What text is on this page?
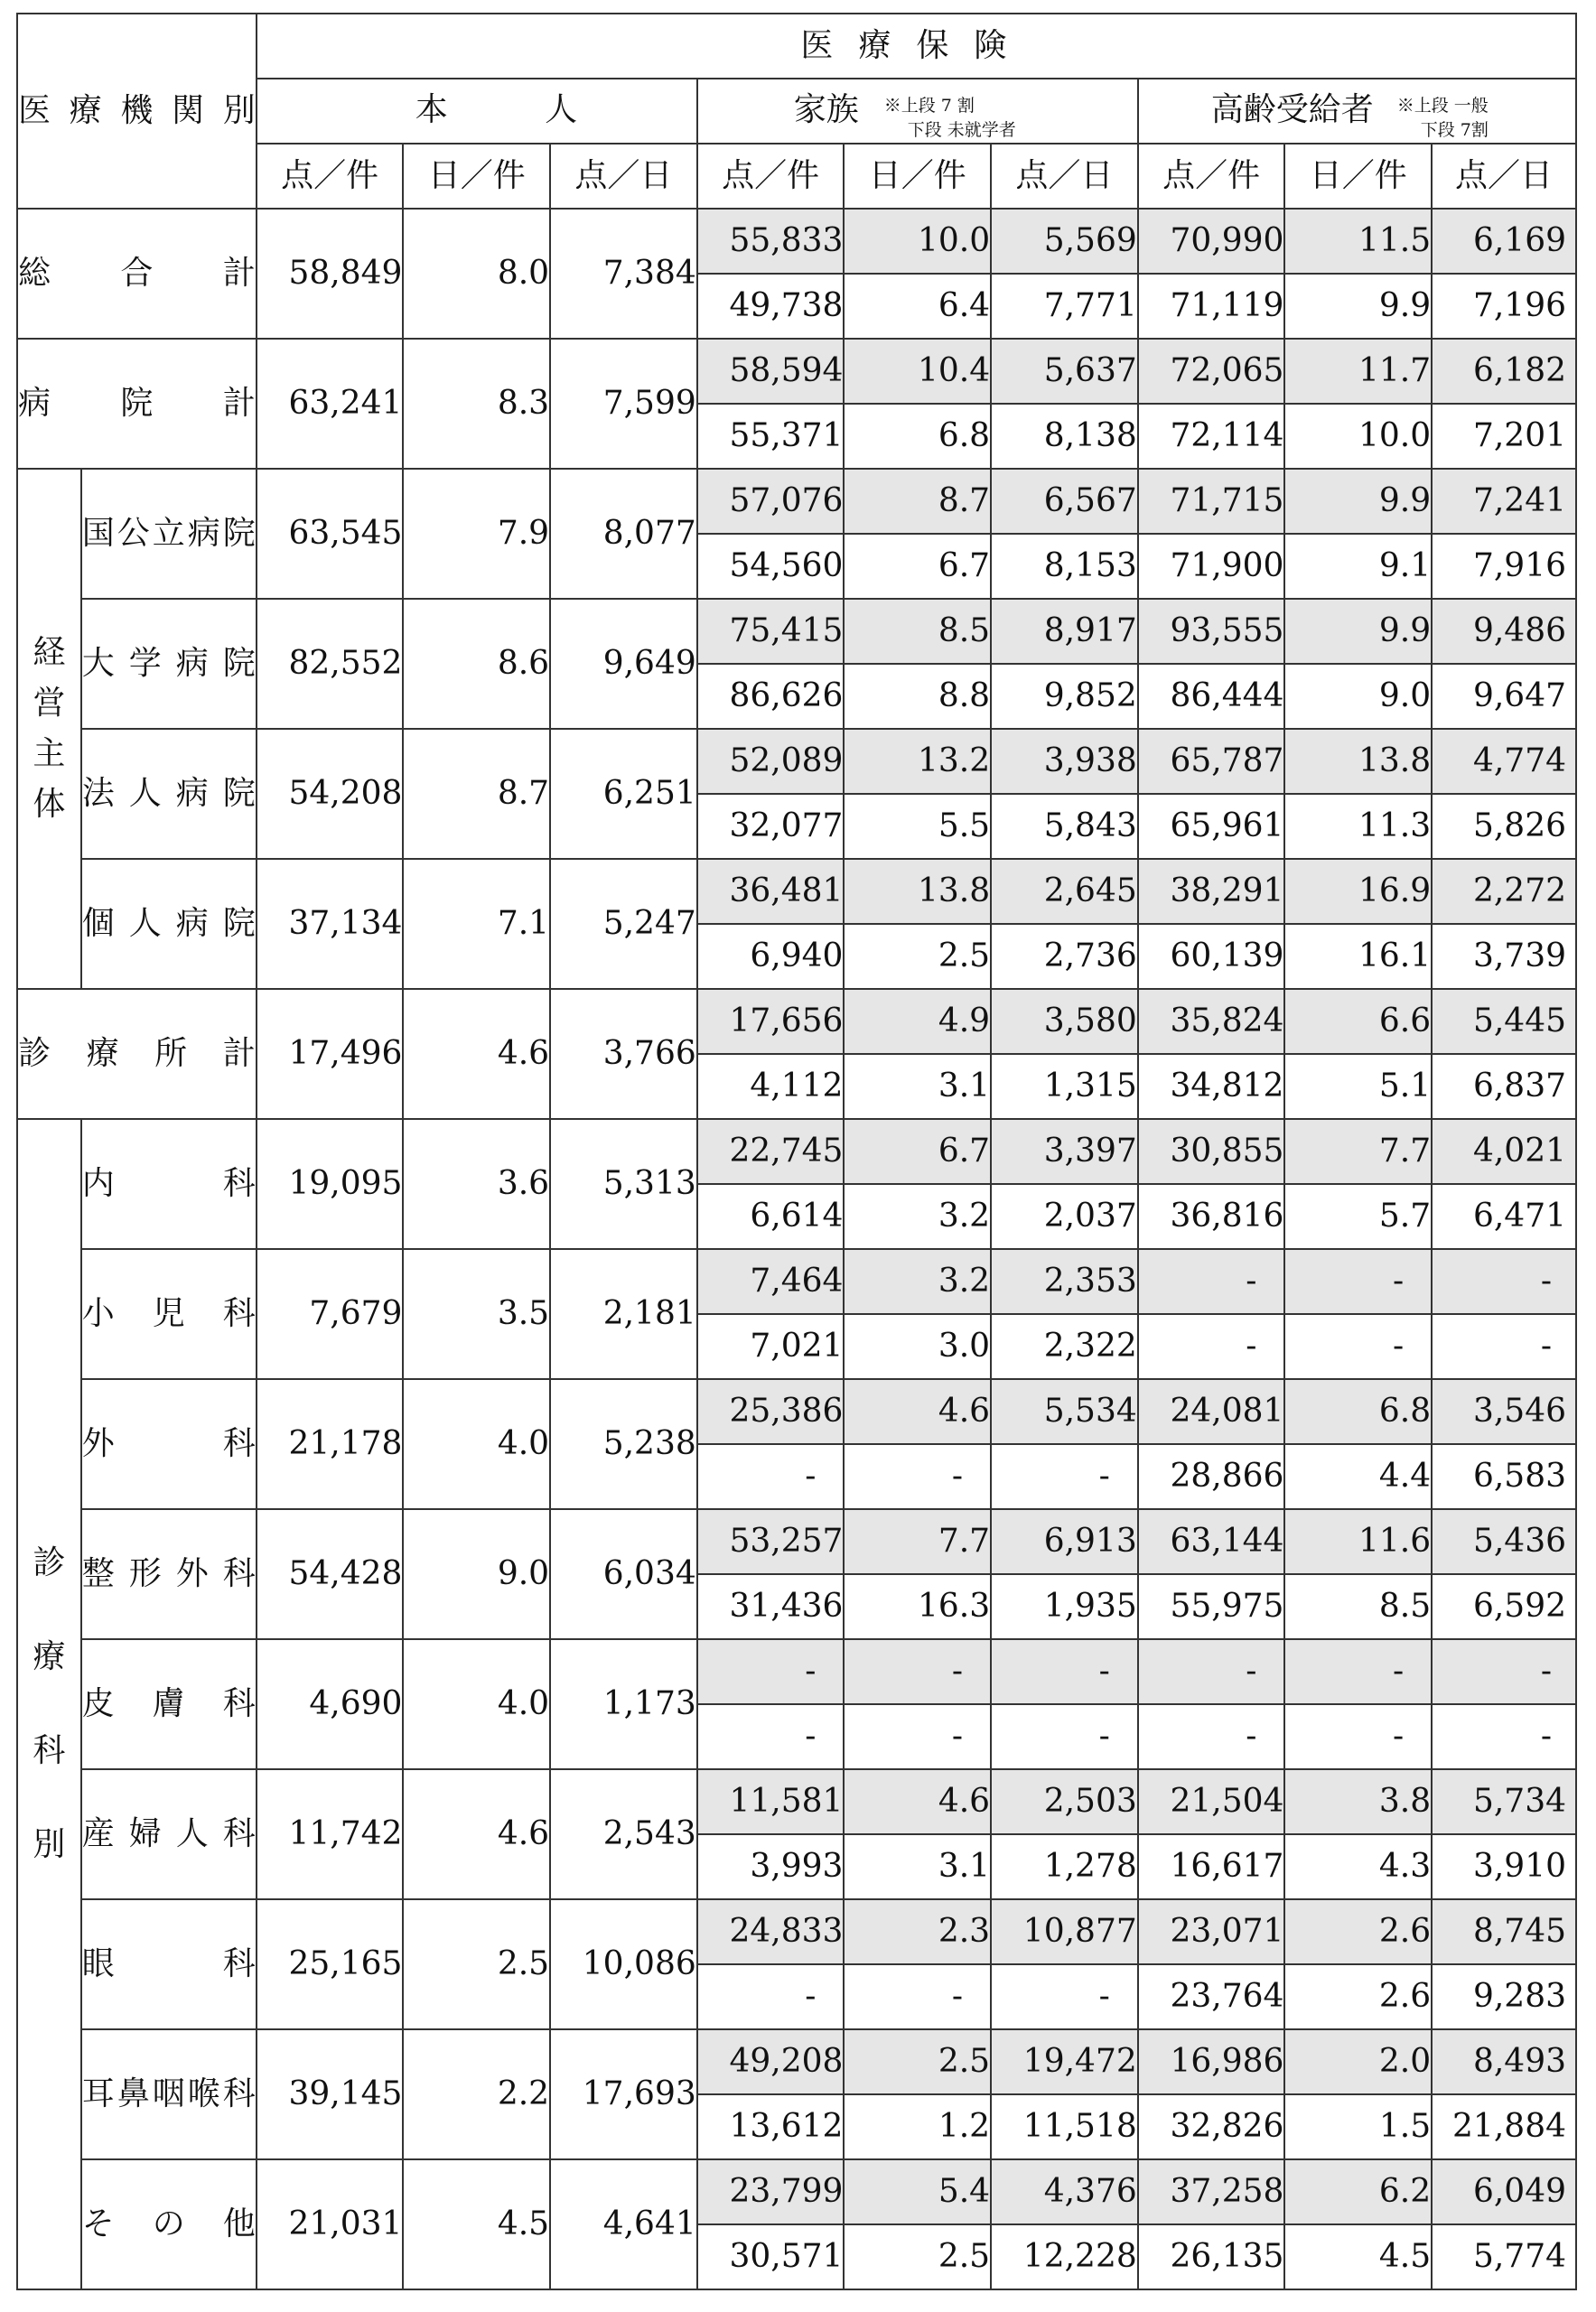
医 療 機 関 別		医療保険								

		本 人			家族 ※上段 7 割
下段 未就学者			高齢受給者 ※上段 一般
下段 7割		

		点／件	日／件	点／日	点／件	日／件	点／日	点／件	日／件	点／日

総 合 計		58,849	8.0	7,384	55,833	10.0	5,569	70,990	11.5	6,169
					49,738	6.4	7,771	71,119	9.9	7,196

病 院 計		63,241	8.3	7,599	58,594	10.4	5,637	72,065	11.7	6,182
					55,371	6.8	8,138	72,114	10.0	7,201

経
営
主
体	国 公 立 病 院	63,545	7.9	8,077	57,076	8.7	6,567	71,715	9.9	7,241
					54,560	6.7	8,153	71,900	9.1	7,916

	大 学 病 院	82,552	8.6	9,649	75,415	8.5	8,917	93,555	9.9	9,486
					86,626	8.8	9,852	86,444	9.0	9,647

	法 人 病 院	54,208	8.7	6,251	52,089	13.2	3,938	65,787	13.8	4,774
					32,077	5.5	5,843	65,961	11.3	5,826

	個 人 病 院	37,134	7.1	5,247	36,481	13.8	2,645	38,291	16.9	2,272
					6,940	2.5	2,736	60,139	16.1	3,739

診 療 所 計		17,496	4.6	3,766	17,656	4.9	3,580	35,824	6.6	5,445
					4,112	3.1	1,315	34,812	5.1	6,837

診
療
科
別	内 科	19,095	3.6	5,313	22,745	6.7	3,397	30,855	7.7	4,021
					6,614	3.2	2,037	36,816	5.7	6,471

	小 児 科	7,679	3.5	2,181	7,464	3.2	2,353	-	-	-
					7,021	3.0	2,322	-	-	-

	外 科	21,178	4.0	5,238	25,386	4.6	5,534	24,081	6.8	3,546
					-	-	-	28,866	4.4	6,583

	整 形 外 科	54,428	9.0	6,034	53,257	7.7	6,913	63,144	11.6	5,436
					31,436	16.3	1,935	55,975	8.5	6,592

	皮 膚 科	4,690	4.0	1,173	-	-	-	-	-	-
					-	-	-	-	-	-

	産 婦 人 科	11,742	4.6	2,543	11,581	4.6	2,503	21,504	3.8	5,734
					3,993	3.1	1,278	16,617	4.3	3,910

	眼 科	25,165	2.5	10,086	24,833	2.3	10,877	23,071	2.6	8,745
					-	-	-	23,764	2.6	9,283

	耳 鼻 咽 喉 科	39,145	2.2	17,693	49,208	2.5	19,472	16,986	2.0	8,493
					13,612	1.2	11,518	32,826	1.5	21,884

	そ の 他	21,031	4.5	4,641	23,799	5.4	4,376	37,258	6.2	6,049
					30,571	2.5	12,228	26,135	4.5	5,774
